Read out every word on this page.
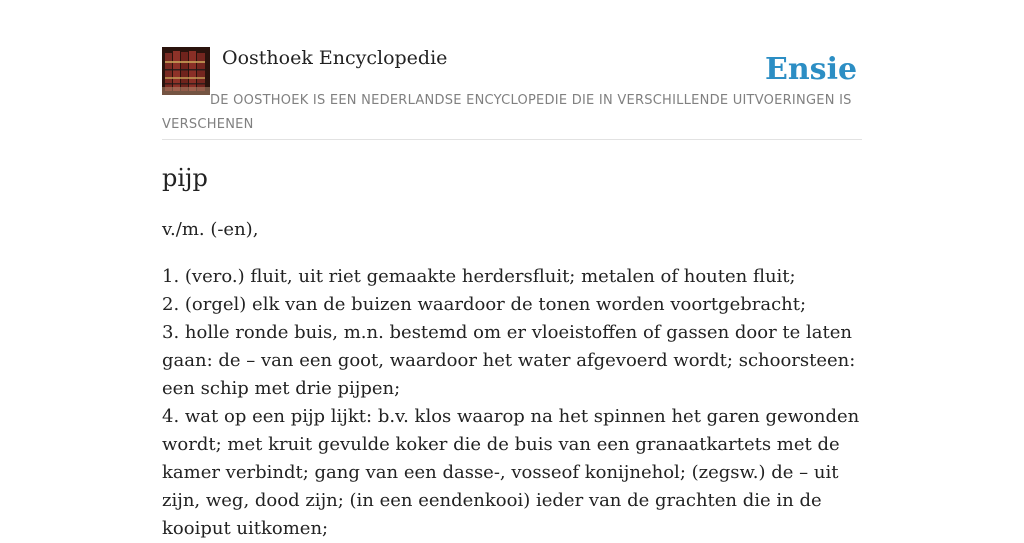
Oosthoek Encyclopedie	Ensie
DE OOSTHOEK IS EEN NEDERLANDSE ENCYCLOPEDIE DIE IN VERSCHILLENDE UITVOERINGEN IS VERSCHENEN
pijp

v./m. (-en),

1. (vero.) fluit, uit riet gemaakte herdersfluit; metalen of houten fluit;
2. (orgel) elk van de buizen waardoor de tonen worden voortgebracht;
3. holle ronde buis, m.n. bestemd om er vloeistoffen of gassen door te laten gaan: de – van een goot, waardoor het water afgevoerd wordt; schoorsteen: een schip met drie pijpen;
4. wat op een pijp lijkt: b.v. klos waarop na het spinnen het garen gewonden wordt; met kruit gevulde koker die de buis van een granaatkartets met de kamer verbindt; gang van een dasse-, vosseof konijnehol; (zegsw.) de – uit zijn, weg, dood zijn; (in een eendenkooi) ieder van de grachten die in de kooiput uitkomen;
